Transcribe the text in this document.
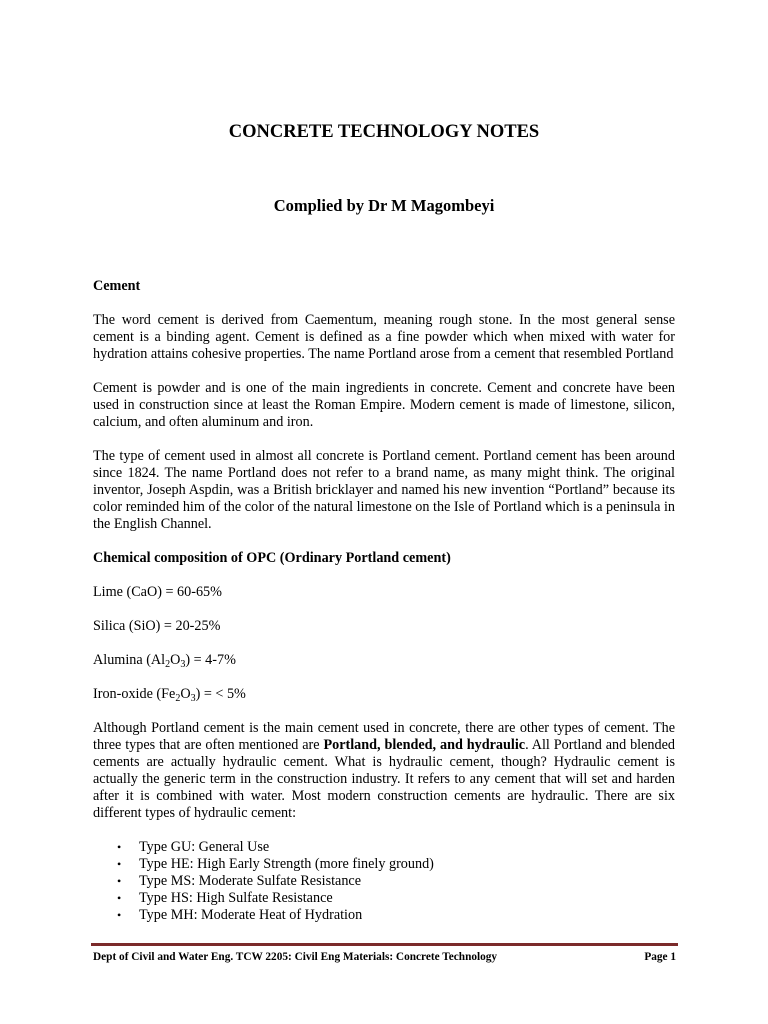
CONCRETE TECHNOLOGY NOTES
Complied by Dr M Magombeyi
Cement

The word cement is derived from Caementum, meaning rough stone. In the most general sense cement is a binding agent. Cement is defined as a fine powder which when mixed with water for hydration attains cohesive properties. The name Portland arose from a cement that resembled Portland

Cement is powder and is one of the main ingredients in concrete. Cement and concrete have been used in construction since at least the Roman Empire. Modern cement is made of limestone, silicon, calcium, and often aluminum and iron.

The type of cement used in almost all concrete is Portland cement. Portland cement has been around since 1824. The name Portland does not refer to a brand name, as many might think. The original inventor, Joseph Aspdin, was a British bricklayer and named his new invention “Portland” because its color reminded him of the color of the natural limestone on the Isle of Portland which is a peninsula in the English Channel.

Chemical composition of OPC (Ordinary Portland cement)

Lime (CaO) = 60-65%

Silica (SiO) = 20-25%

Alumina $(Al_2O_3) = 4-7\%$

Iron-oxide $(Fe_2O_3)$ = < 5%

Although Portland cement is the main cement used in concrete, there are other types of cement. The three types that are often mentioned are Portland, blended, and hydraulic. All Portland and blended cements are actually hydraulic cement. What is hydraulic cement, though? Hydraulic cement is actually the generic term in the construction industry. It refers to any cement that will set and harden after it is combined with water. Most modern construction cements are hydraulic. There are six different types of hydraulic cement:

• Type GU: General Use
• Type HE: High Early Strength (more finely ground)
• Type MS: Moderate Sulfate Resistance
• Type HS: High Sulfate Resistance
• Type MH: Moderate Heat of Hydration
Dept of Civil and Water Eng. TCW 2205: Civil Eng Materials: Concrete Technology	Page 1
